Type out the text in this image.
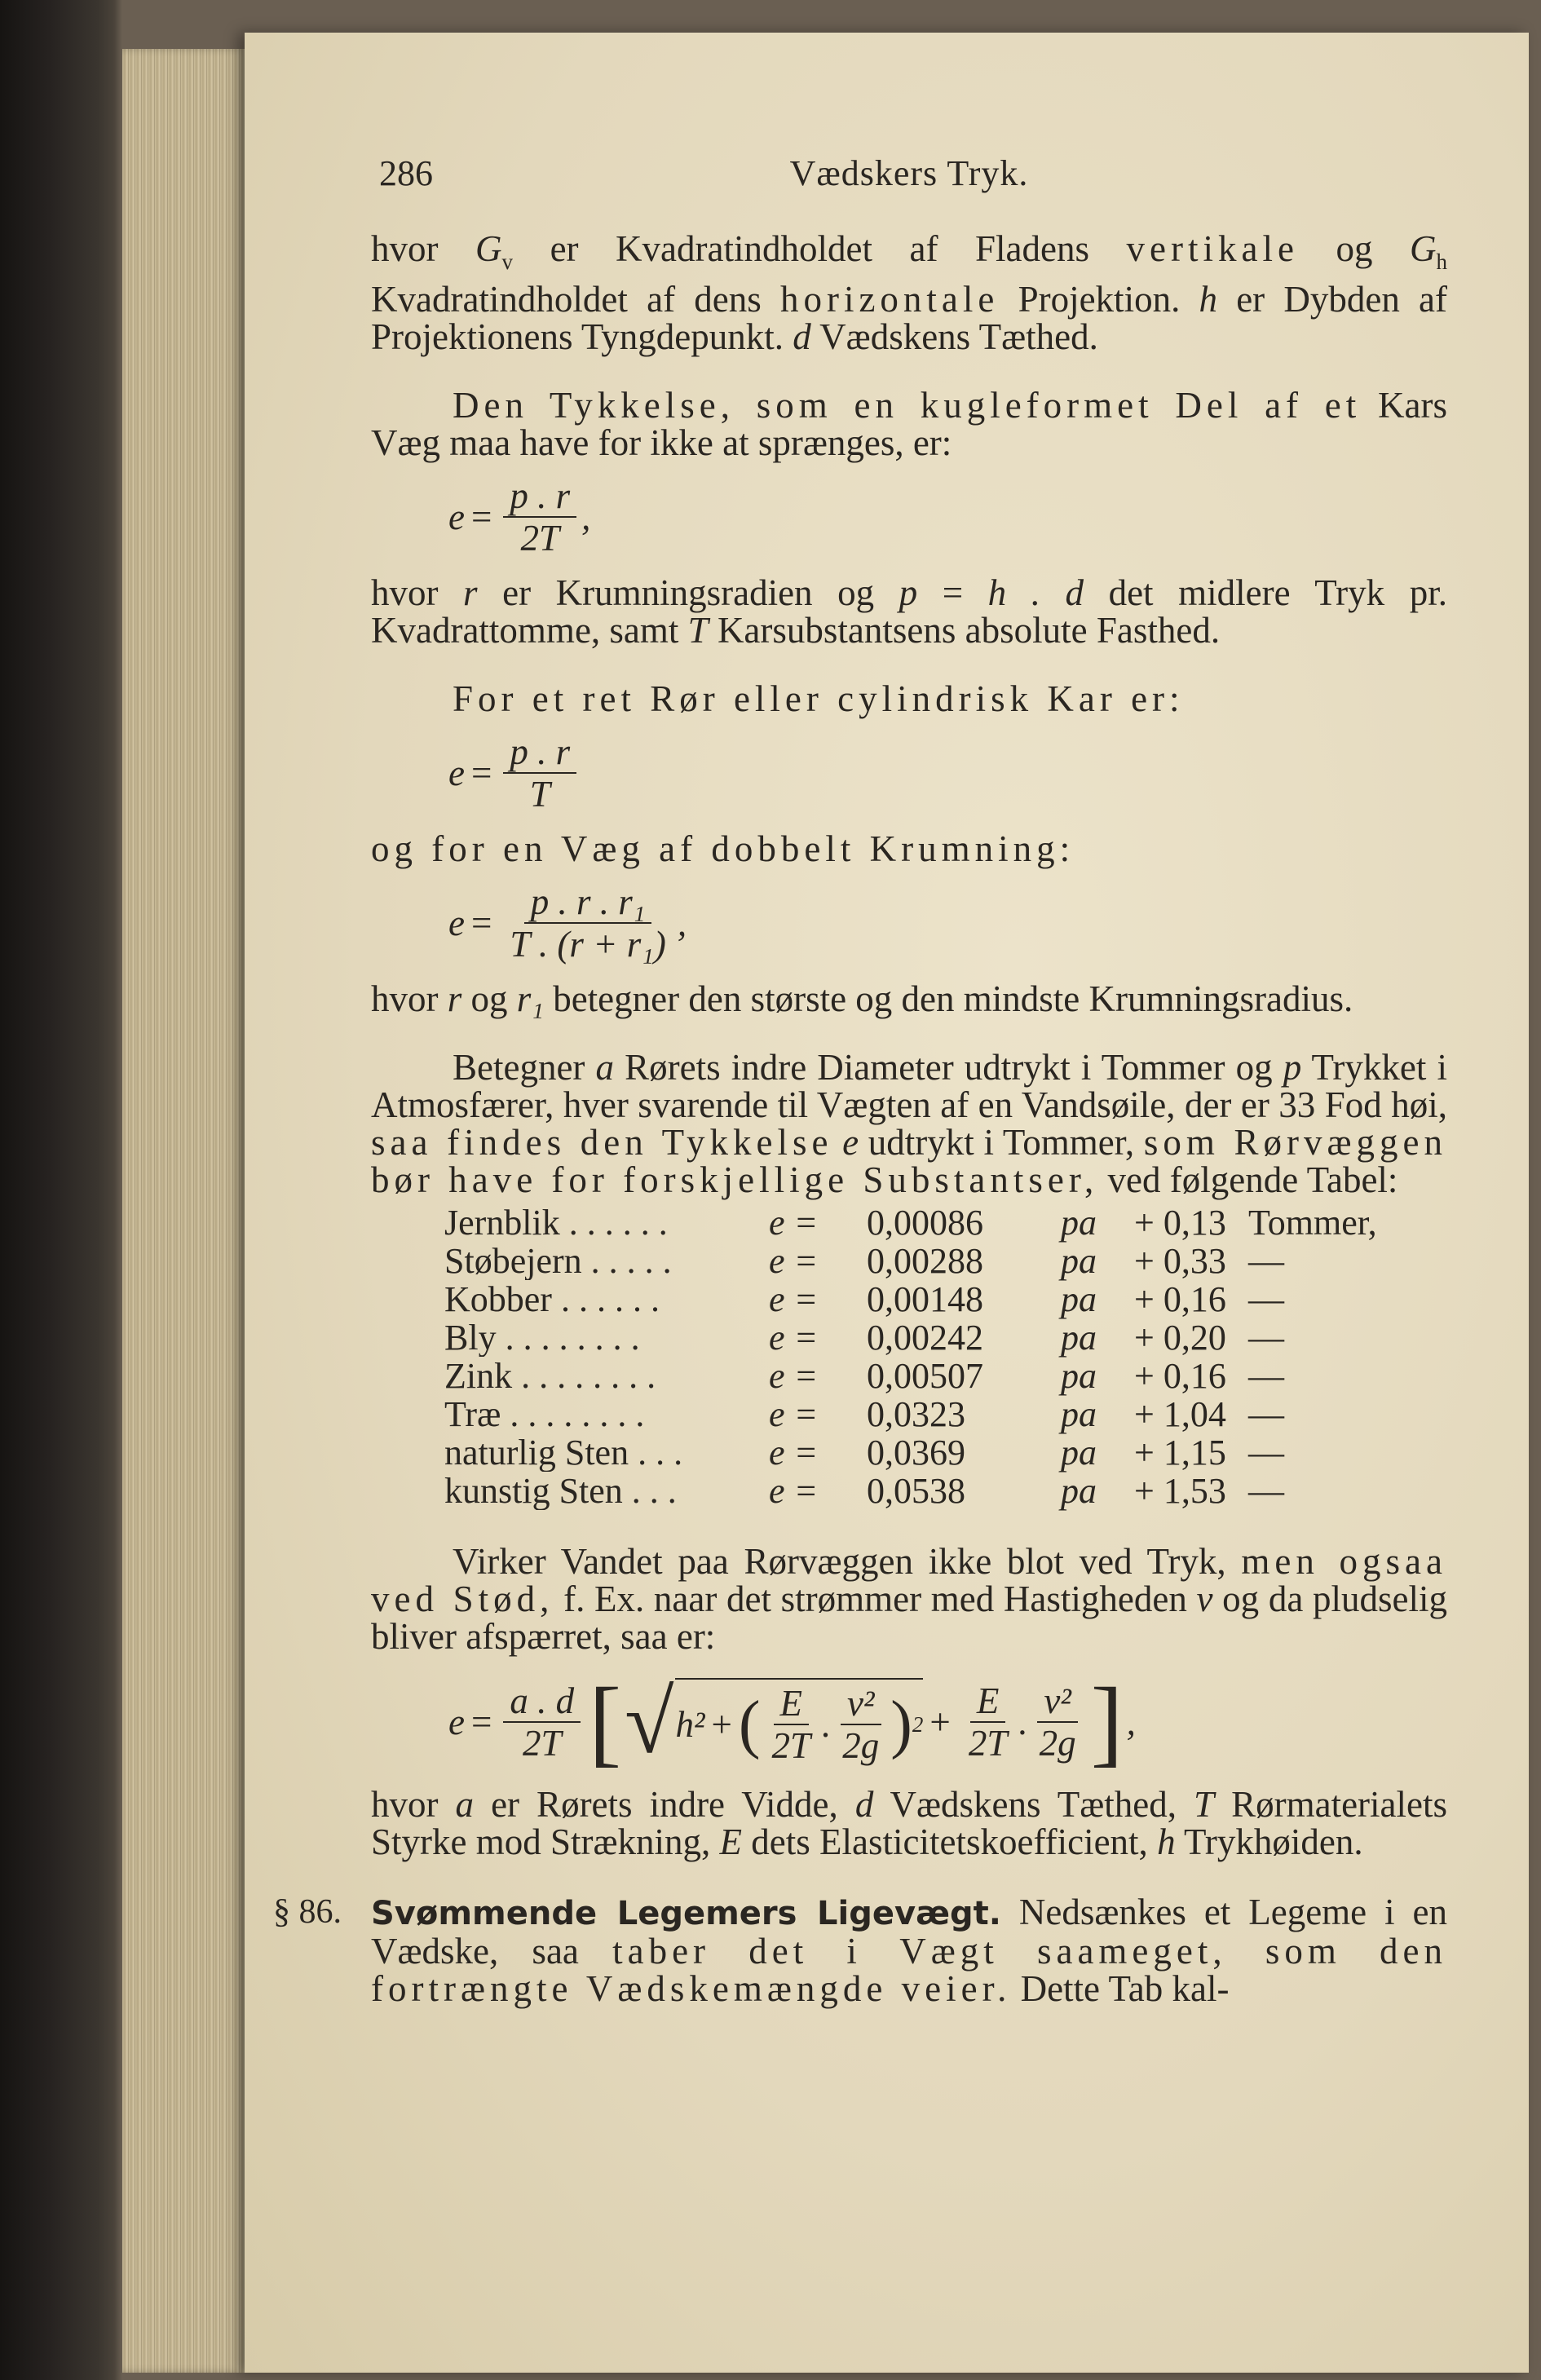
286	Vædskers Tryk.

hvor $G_v$ er Kvadratindholdet af Fladens vertikale og $G_h$ Kvadratindholdet af dens horizontale Projektion. h er Dybden af Projektionens Tyngdepunkt. d Vædskens Tæthed.

Den Tykkelse, som en kugleformet Del af et Kars Væg maa have for ikke at sprænges, er:

$e = \frac{p . r}{2T}$ ,

hvor r er Krumningsradien og p = h . d det midlere Tryk pr. Kvadrattomme, samt T Karsubstantsens absolute Fasthed.

For et ret Rør eller cylindrisk Kar er:

$e = \frac{p . r}{T}$

og for en Væg af dobbelt Krumning:

$e = \frac{\text{p . r . r₁}}{\text{T . (r + r₁)}}$ ,

hvor r og r₁ betegner den største og den mindste Krumningsradius.

Betegner a Rørets indre Diameter udtrykt i Tommer og p Trykket i Atmosfærer, hver svarende til Vægten af en Vandsøile, der er 33 Fod høi, saa findes den Tykkelse e udtrykt i Tommer, som Rørvæggen bør have for forskjellige Substantser, ved følgende Tabel:

Jernblik . . . . . .	e =	0,00086	pa	+ 0,13 Tommer,
Støbejern . . . . .	e =	0,00288	pa	+ 0,33 —
Kobber . . . . . .	e =	0,00148	pa	+ 0,16 —
Bly . . . . . . . .	e =	0,00242	pa	+ 0,20 —
Zink . . . . . . . .	e =	0,00507	pa	+ 0,16 —
Træ . . . . . . . .	e =	0,0323	pa	+ 1,04 —
naturlig Sten . . .	e =	0,0369	pa	+ 1,15 —
kunstig Sten . . .	e =	0,0538	pa	+ 1,53 —

Virker Vandet paa Rørvæggen ikke blot ved Tryk, men ogsaa ved Stød, f. Ex. naar det strømmer med Hastigheden v og da pludselig bliver afspærret, saa er:

$e = \frac{a . d}{2T}$ [ √ h² + ( $\frac{E}{2T}$ . $\frac{\text{v²}}{2g}$ ) $2 + \frac{E}{2T}$ . $\frac{\text{v²}}{2g}$ ] ,

hvor a er Rørets indre Vidde, d Vædskens Tæthed, T Rørmaterialets Styrke mod Strækning, E dets Elasticitetskoefficient, h Trykhøiden.

§ 86. Svømmende Legemers Ligevægt. Nedsænkes et Legeme i en Vædske, saa taber det i Vægt saameget, som den fortrængte Vædskemængde veier. Dette Tab kal-
